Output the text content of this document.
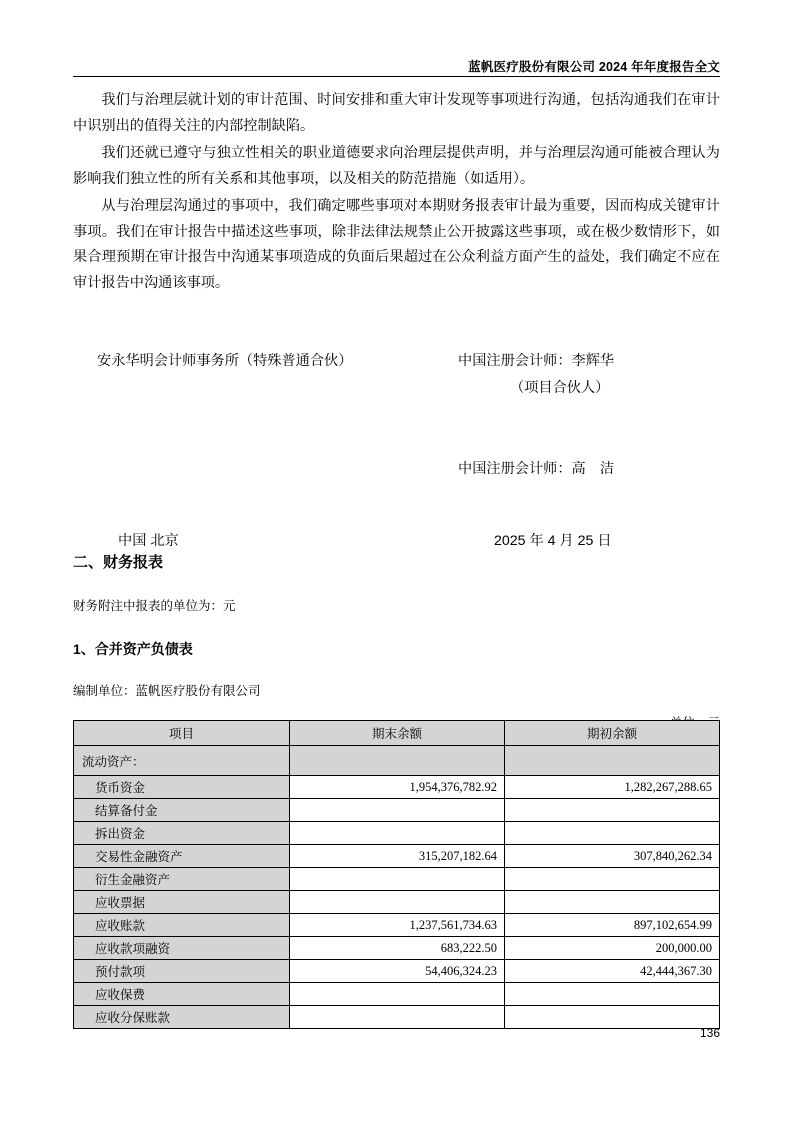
蓝帆医疗股份有限公司 2024 年年度报告全文

我们与治理层就计划的审计范围、时间安排和重大审计发现等事项进行沟通，包括沟通我们在审计中识别出的值得关注的内部控制缺陷。

我们还就已遵守与独立性相关的职业道德要求向治理层提供声明，并与治理层沟通可能被合理认为影响我们独立性的所有关系和其他事项，以及相关的防范措施（如适用）。

从与治理层沟通过的事项中，我们确定哪些事项对本期财务报表审计最为重要，因而构成关键审计事项。我们在审计报告中描述这些事项，除非法律法规禁止公开披露这些事项，或在极少数情形下，如果合理预期在审计报告中沟通某事项造成的负面后果超过在公众利益方面产生的益处，我们确定不应在审计报告中沟通该事项。

安永华明会计师事务所（特殊普通合伙）	中国注册会计师：李辉华
（项目合伙人）
中国注册会计师：高　洁
中国 北京	2025 年 4 月 25 日
二、财务报表
财务附注中报表的单位为：元
1、合并资产负债表
编制单位：蓝帆医疗股份有限公司
项目	期末余额	期初余额
流动资产：		
货币资金	1,954,376,782.92	1,282,267,288.65
结算备付金		
拆出资金		
交易性金融资产	315,207,182.64	307,840,262.34
衍生金融资产		
应收票据		
应收账款	1,237,561,734.63	897,102,654.99
应收款项融资	683,222.50	200,000.00
预付款项	54,406,324.23	42,444,367.30
应收保费		
应收分保账款		
136
